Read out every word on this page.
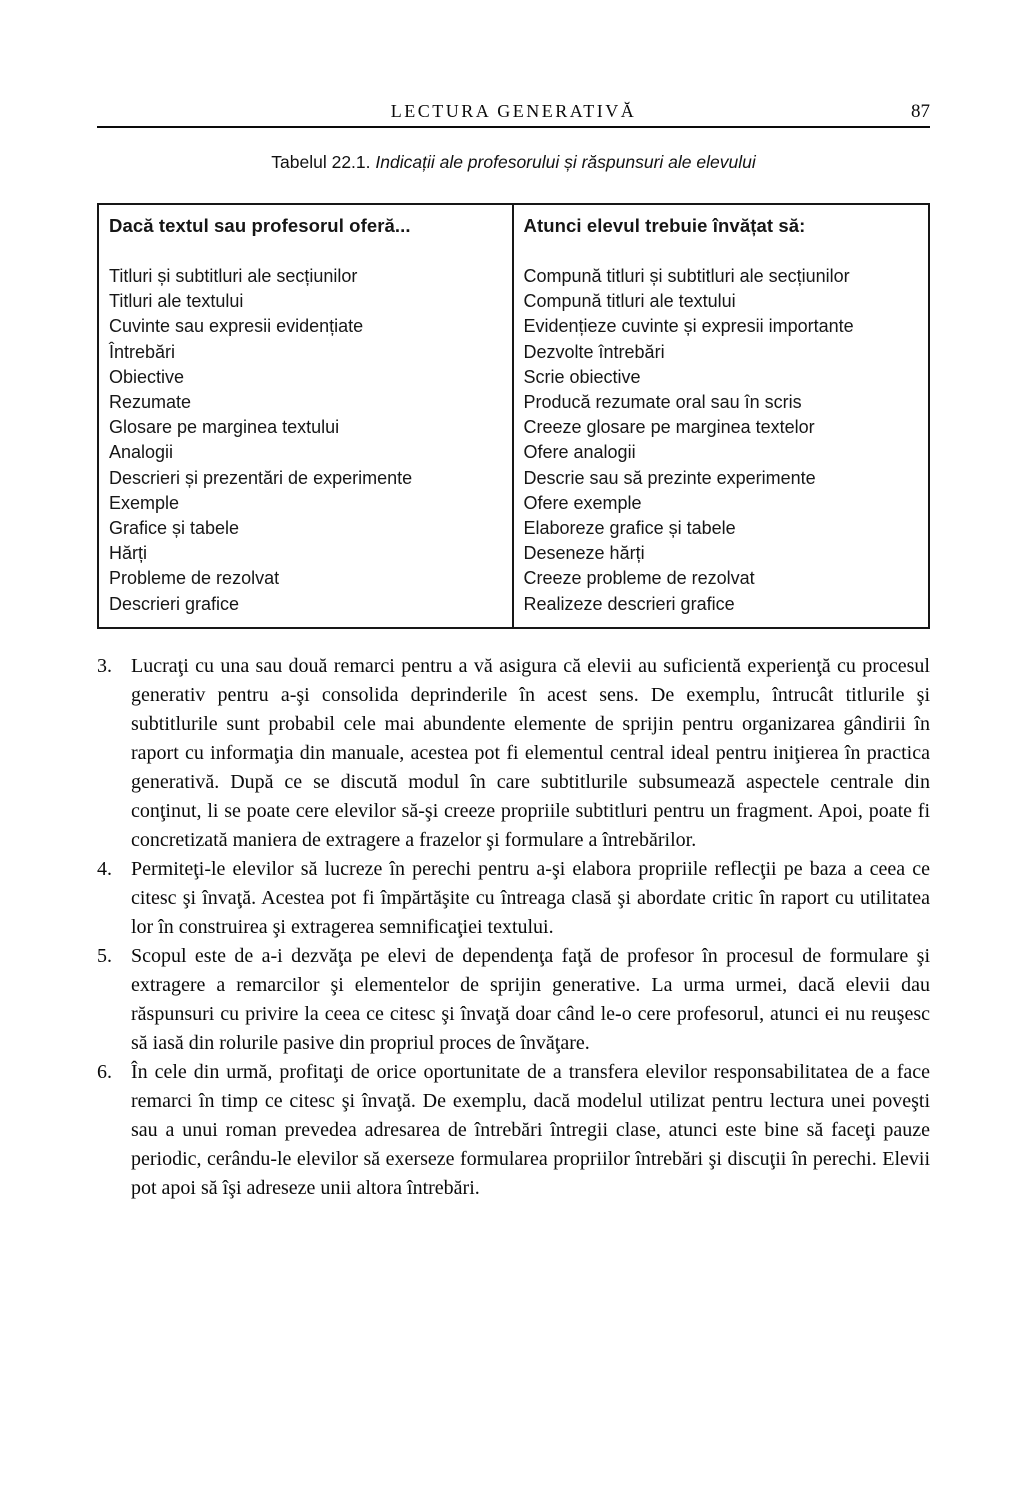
LECTURA GENERATIVĂ	87
Tabelul 22.1. Indicații ale profesorului și răspunsuri ale elevului
Dacă textul sau profesorul oferă...
Titluri și subtitluri ale secțiunilor
Titluri ale textului
Cuvinte sau expresii evidențiate
Întrebări
Obiective
Rezumate
Glosare pe marginea textului
Analogii
Descrieri și prezentări de experimente
Exemple
Grafice și tabele
Hărți
Probleme de rezolvat
Descrieri grafice
Atunci elevul trebuie învățat să:
Compună titluri și subtitluri ale secțiunilor
Compună titluri ale textului
Evidențieze cuvinte și expresii importante
Dezvolte întrebări
Scrie obiective
Producă rezumate oral sau în scris
Creeze glosare pe marginea textelor
Ofere analogii
Descrie sau să prezinte experimente
Ofere exemple
Elaboreze grafice și tabele
Deseneze hărți
Creeze probleme de rezolvat
Realizeze descrieri grafice
3. Lucraţi cu una sau două remarci pentru a vă asigura că elevii au suficientă experienţă cu procesul generativ pentru a-şi consolida deprinderile în acest sens. De exemplu, întrucât titlurile şi subtitlurile sunt probabil cele mai abundente elemente de sprijin pentru organizarea gândirii în raport cu informaţia din manuale, acestea pot fi elementul central ideal pentru iniţierea în practica generativă. După ce se discută modul în care subtitlurile subsumează aspectele centrale din conţinut, li se poate cere elevilor să-şi creeze propriile subtitluri pentru un fragment. Apoi, poate fi concretizată maniera de extragere a frazelor şi formulare a întrebărilor.
4. Permiteţi-le elevilor să lucreze în perechi pentru a-şi elabora propriile reflecţii pe baza a ceea ce citesc şi învaţă. Acestea pot fi împărtăşite cu întreaga clasă şi abordate critic în raport cu utilitatea lor în construirea şi extragerea semnificaţiei textului.
5. Scopul este de a-i dezvăţa pe elevi de dependenţa faţă de profesor în procesul de formulare şi extragere a remarcilor şi elementelor de sprijin generative. La urma urmei, dacă elevii dau răspunsuri cu privire la ceea ce citesc şi învaţă doar când le-o cere profesorul, atunci ei nu reuşesc să iasă din rolurile pasive din propriul proces de învăţare.
6. În cele din urmă, profitaţi de orice oportunitate de a transfera elevilor responsabilitatea de a face remarci în timp ce citesc şi învaţă. De exemplu, dacă modelul utilizat pentru lectura unei poveşti sau a unui roman prevedea adresarea de întrebări întregii clase, atunci este bine să faceţi pauze periodic, cerându-le elevilor să exerseze formularea propriilor întrebări şi discuţii în perechi. Elevii pot apoi să îşi adreseze unii altora întrebări.
